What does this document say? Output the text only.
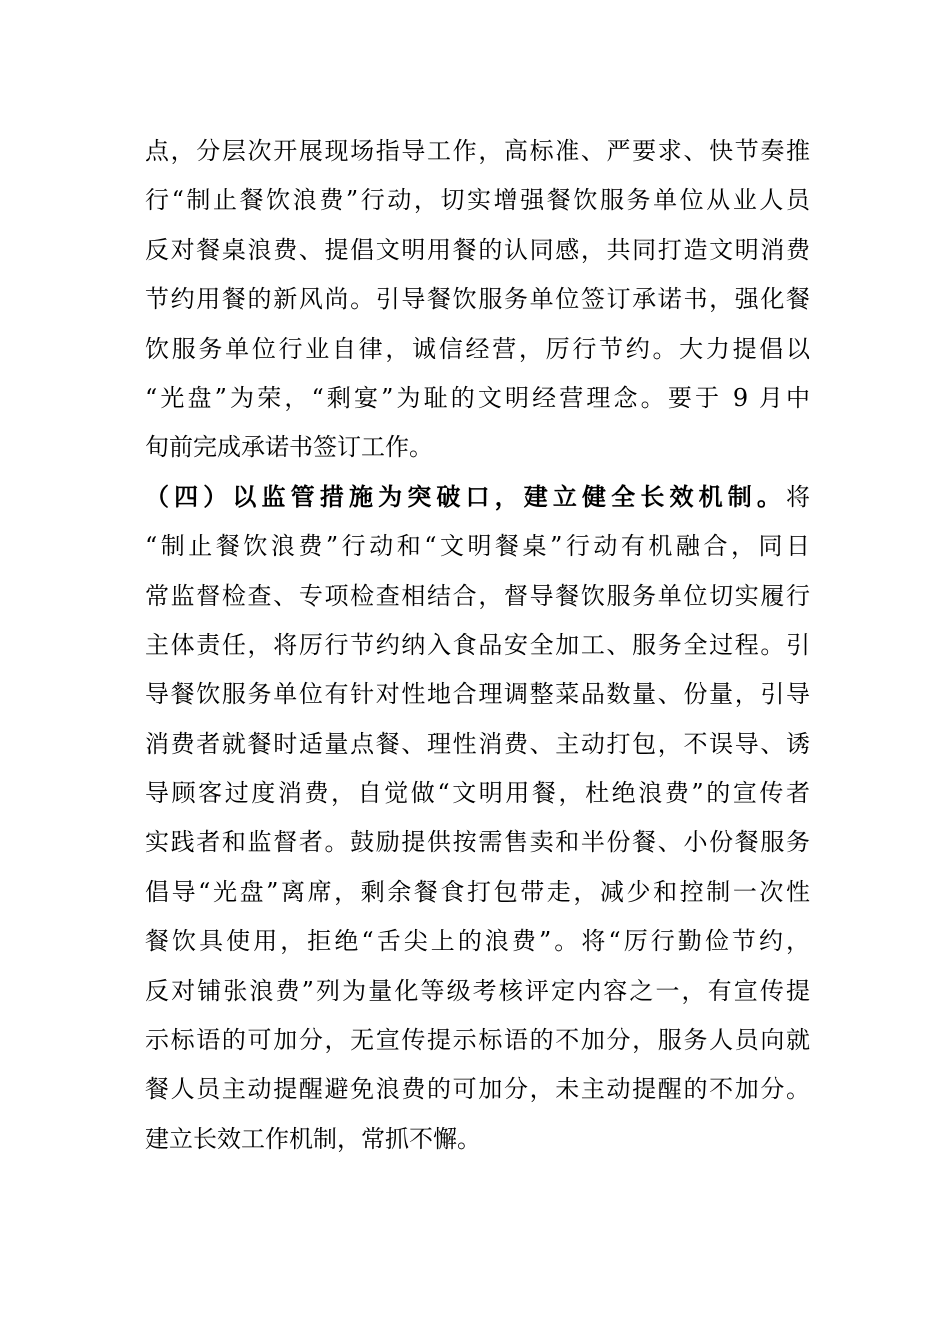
点，分层次开展现场指导工作，高标准、严要求、快节奏推
行“制止餐饮浪费”行动，切实增强餐饮服务单位从业人员
反对餐桌浪费、提倡文明用餐的认同感，共同打造文明消费
节约用餐的新风尚。引导餐饮服务单位签订承诺书，强化餐
饮服务单位行业自律，诚信经营，厉行节约。大力提倡以
“光盘”为荣，“剩宴”为耻的文明经营理念。要于 9 月中
旬前完成承诺书签订工作。
（四）以监管措施为突破口，建立健全长效机制。将
“制止餐饮浪费”行动和“文明餐桌”行动有机融合，同日
常监督检查、专项检查相结合，督导餐饮服务单位切实履行
主体责任，将厉行节约纳入食品安全加工、服务全过程。引
导餐饮服务单位有针对性地合理调整菜品数量、份量，引导
消费者就餐时适量点餐、理性消费、主动打包，不误导、诱
导顾客过度消费，自觉做“文明用餐，杜绝浪费”的宣传者
实践者和监督者。鼓励提供按需售卖和半份餐、小份餐服务
倡导“光盘”离席，剩余餐食打包带走，减少和控制一次性
餐饮具使用，拒绝“舌尖上的浪费”。将“厉行勤俭节约，
反对铺张浪费”列为量化等级考核评定内容之一，有宣传提
示标语的可加分，无宣传提示标语的不加分，服务人员向就
餐人员主动提醒避免浪费的可加分，未主动提醒的不加分。
建立长效工作机制，常抓不懈。
